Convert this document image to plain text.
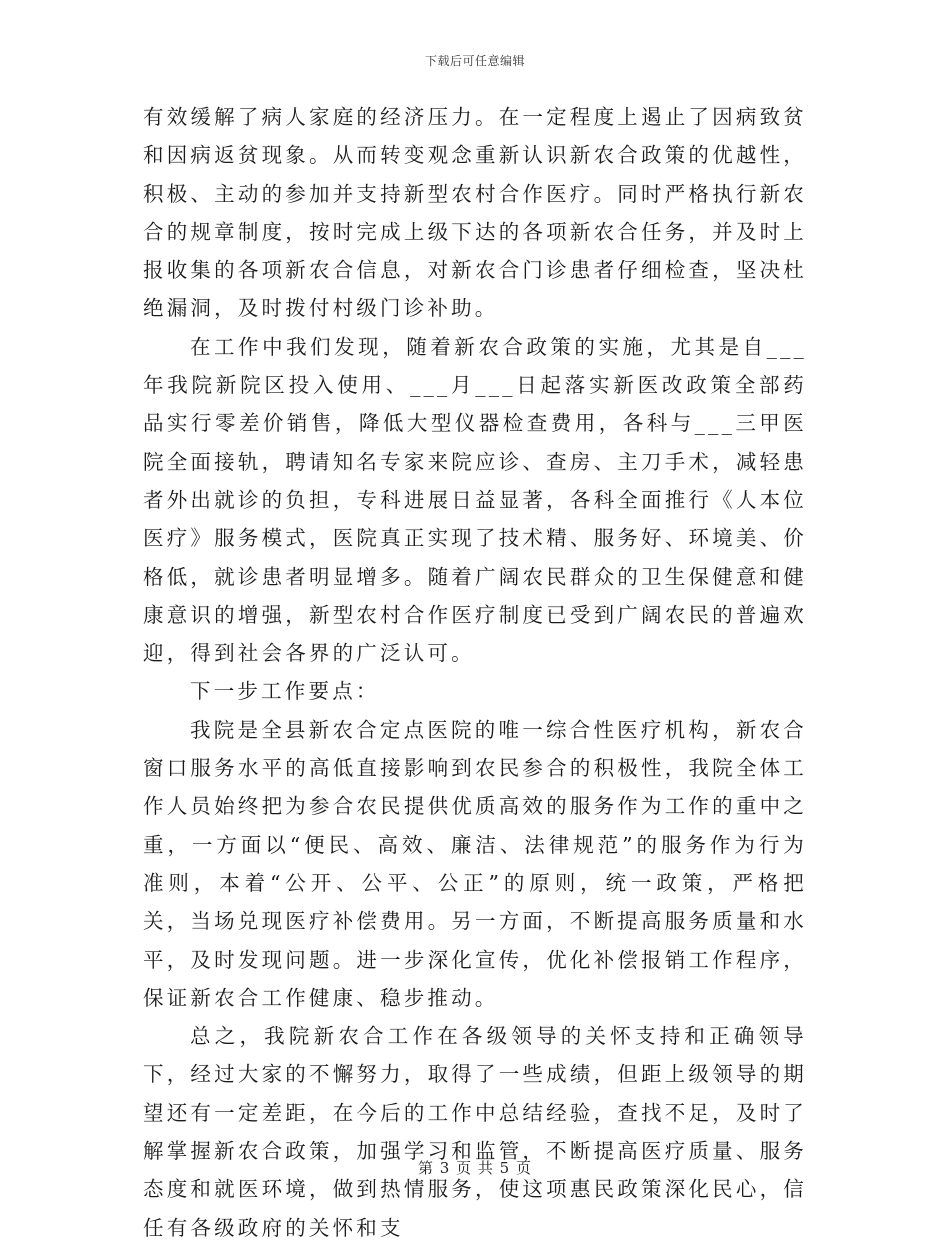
下载后可任意编辑

有效缓解了病人家庭的经济压力。在一定程度上遏止了因病致贫和因病返贫现象。从而转变观念重新认识新农合政策的优越性，积极、主动的参加并支持新型农村合作医疗。同时严格执行新农合的规章制度，按时完成上级下达的各项新农合任务，并及时上报收集的各项新农合信息，对新农合门诊患者仔细检查，坚决杜绝漏洞，及时拨付村级门诊补助。

在工作中我们发现，随着新农合政策的实施，尤其是自___年我院新院区投入使用、___月___日起落实新医改政策全部药品实行零差价销售，降低大型仪器检查费用，各科与___三甲医院全面接轨，聘请知名专家来院应诊、查房、主刀手术，减轻患者外出就诊的负担，专科进展日益显著，各科全面推行《人本位医疗》服务模式，医院真正实现了技术精、服务好、环境美、价格低，就诊患者明显增多。随着广阔农民群众的卫生保健意和健康意识的增强，新型农村合作医疗制度已受到广阔农民的普遍欢迎，得到社会各界的广泛认可。

下一步工作要点：

我院是全县新农合定点医院的唯一综合性医疗机构，新农合窗口服务水平的高低直接影响到农民参合的积极性，我院全体工作人员始终把为参合农民提供优质高效的服务作为工作的重中之重，一方面以“便民、高效、廉洁、法律规范”的服务作为行为准则，本着“公开、公平、公正”的原则，统一政策，严格把关，当场兑现医疗补偿费用。另一方面，不断提高服务质量和水平，及时发现问题。进一步深化宣传，优化补偿报销工作程序，保证新农合工作健康、稳步推动。

总之，我院新农合工作在各级领导的关怀支持和正确领导下，经过大家的不懈努力，取得了一些成绩，但距上级领导的期望还有一定差距，在今后的工作中总结经验，查找不足，及时了解掌握新农合政策，加强学习和监管，不断提高医疗质量、服务态度和就医环境，做到热情服务，使这项惠民政策深化民心，信任有各级政府的关怀和支

第 3 页 共 5 页
